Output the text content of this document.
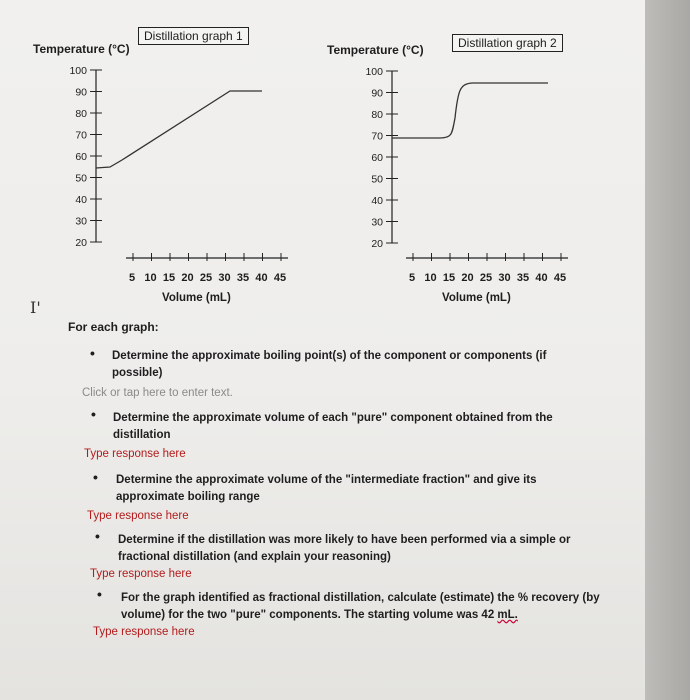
Distillation graph 1
Temperature (°C)
100
90
80
70
60
50
40
30
20
5 10 15 20 25 30 35 40 45
100
90
80
70
60
50
40
30
20
5 10 15 20 25 30 35 40 45
Distillation graph 2
Temperature (°C)
Volume (mL)	Volume (mL)
I'
For each graph:
• Determine the approximate boiling point(s) of the component or components (if
possible)
Click or tap here to enter text.
• Determine the approximate volume of each "pure" component obtained from the
distillation
Type response here
• Determine the approximate volume of the "intermediate fraction" and give its
approximate boiling range
Type response here
• Determine if the distillation was more likely to have been performed via a simple or
fractional distillation (and explain your reasoning)
Type response here
• For the graph identified as fractional distillation, calculate (estimate) the % recovery (by
volume) for the two "pure" components. The starting volume was 42 mL.
Type response here
